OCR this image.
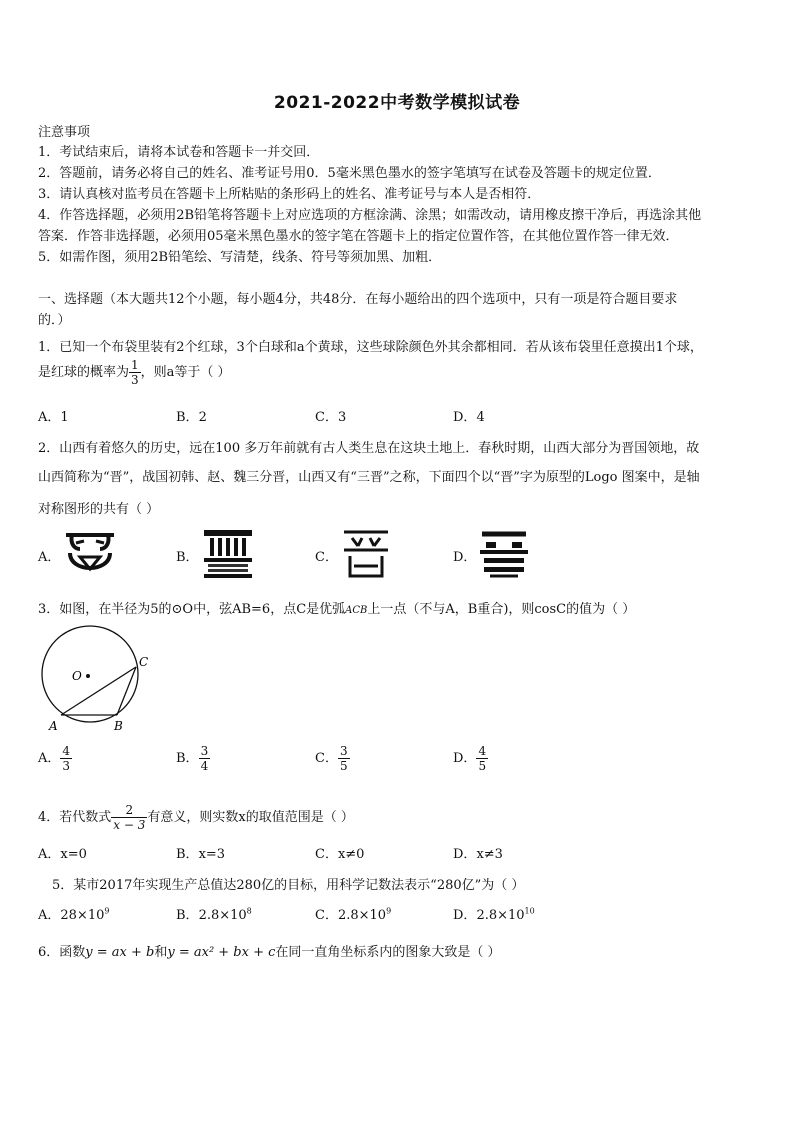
2021-2022中考数学模拟试卷
注意事项
1．考试结束后，请将本试卷和答题卡一并交回．
2．答题前，请务必将自己的姓名、准考证号用0．5毫米黑色墨水的签字笔填写在试卷及答题卡的规定位置．
3．请认真核对监考员在答题卡上所粘贴的条形码上的姓名、准考证号与本人是否相符．
4．作答选择题，必须用2B铅笔将答题卡上对应选项的方框涂满、涂黑；如需改动，请用橡皮擦干净后，再选涂其他
答案．作答非选择题，必须用05毫米黑色墨水的签字笔在答题卡上的指定位置作答，在其他位置作答一律无效．
5．如需作图，须用2B铅笔绘、写清楚，线条、符号等须加黑、加粗．
一、选择题（本大题共12个小题，每小题4分，共48分．在每小题给出的四个选项中，只有一项是符合题目要求
的．）
1．已知一个布袋里装有2个红球，3个白球和a个黄球，这些球除颜色外其余都相同．若从该布袋里任意摸出1个球，
是红球的概率为 $\frac{1}{3}$ ，则a等于（ ）
A．1	B．2	C．3	D．4
2．山西有着悠久的历史，远在100 多万年前就有古人类生息在这块土地上．春秋时期，山西大部分为晋国领地，故
山西简称为“晋”，战国初韩、赵、魏三分晋，山西又有“三晋”之称，下面四个以“晋”字为原型的Logo 图案中，是轴
对称图形的共有（ ）
A．	B．	C．	D．
3．如图，在半径为5的⊙O中，弦AB=6，点C是优弧ACB上一点（不与A，B重合)，则cosC的值为（ ）
O
A	B
C
A． $\frac{4}{3}$	B． $\frac{3}{4}$	C． $\frac{3}{5}$	D． $\frac{4}{5}$
4．若代数式 $\frac{2}{x - 3}$ 有意义，则实数x的取值范围是（ ）
A．x=0	B．x=3	C．x≠0	D．x≠3
5．某市2017年实现生产总值达280亿的目标，用科学记数法表示“280亿”为（ ）
A．$28\times 10^9$	B．$2.8\times 10^8$	C．$2.8\times 10^9$	D．$2.8\times 10^{10}$
6．函数y = ax + b和y = ax² + bx + c在同一直角坐标系内的图象大致是（ ）
